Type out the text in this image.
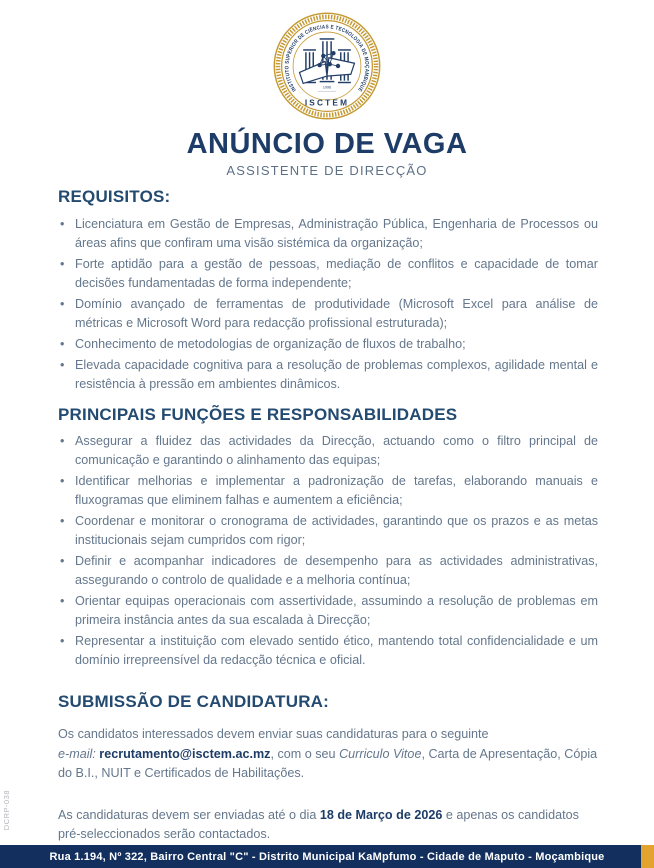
DCRP-038
INSTITUTO SUPERIOR DE CIÊNCIAS E TECNOLOGIA DE MOÇAMBIQUE
1996
ISCTEM
ANÚNCIO DE VAGA
ASSISTENTE DE DIRECÇÃO
REQUISITOS:
• Licenciatura em Gestão de Empresas, Administração Pública, Engenharia de Processos ou áreas afins que confiram uma visão sistémica da organização;
• Forte aptidão para a gestão de pessoas, mediação de conflitos e capacidade de tomar decisões fundamentadas de forma independente;
• Domínio avançado de ferramentas de produtividade (Microsoft Excel para análise de métricas e Microsoft Word para redacção profissional estruturada);
• Conhecimento de metodologias de organização de fluxos de trabalho;
• Elevada capacidade cognitiva para a resolução de problemas complexos, agilidade mental e resistência à pressão em ambientes dinâmicos.
PRINCIPAIS FUNÇÕES E RESPONSABILIDADES
• Assegurar a fluidez das actividades da Direcção, actuando como o filtro principal de comunicação e garantindo o alinhamento das equipas;
• Identificar melhorias e implementar a padronização de tarefas, elaborando manuais e fluxogramas que eliminem falhas e aumentem a eficiência;
• Coordenar e monitorar o cronograma de actividades, garantindo que os prazos e as metas institucionais sejam cumpridos com rigor;
• Definir e acompanhar indicadores de desempenho para as actividades administrativas, assegurando o controlo de qualidade e a melhoria contínua;
• Orientar equipas operacionais com assertividade, assumindo a resolução de problemas em primeira instância antes da sua escalada à Direcção;
• Representar a instituição com elevado sentido ético, mantendo total confidencialidade e um domínio irrepreensível da redacção técnica e oficial.
SUBMISSÃO DE CANDIDATURA:
Os candidatos interessados devem enviar suas candidaturas para o seguinte
e-mail: recrutamento@isctem.ac.mz, com o seu Curriculo Vitoe, Carta de Apresentação, Cópia do B.I., NUIT e Certificados de Habilitações.
As candidaturas devem ser enviadas até o dia 18 de Março de 2026 e apenas os candidatos pré-seleccionados serão contactados.
Rua 1.194, Nº 322, Bairro Central "C" - Distrito Municipal KaMpfumo - Cidade de Maputo - Moçambique
